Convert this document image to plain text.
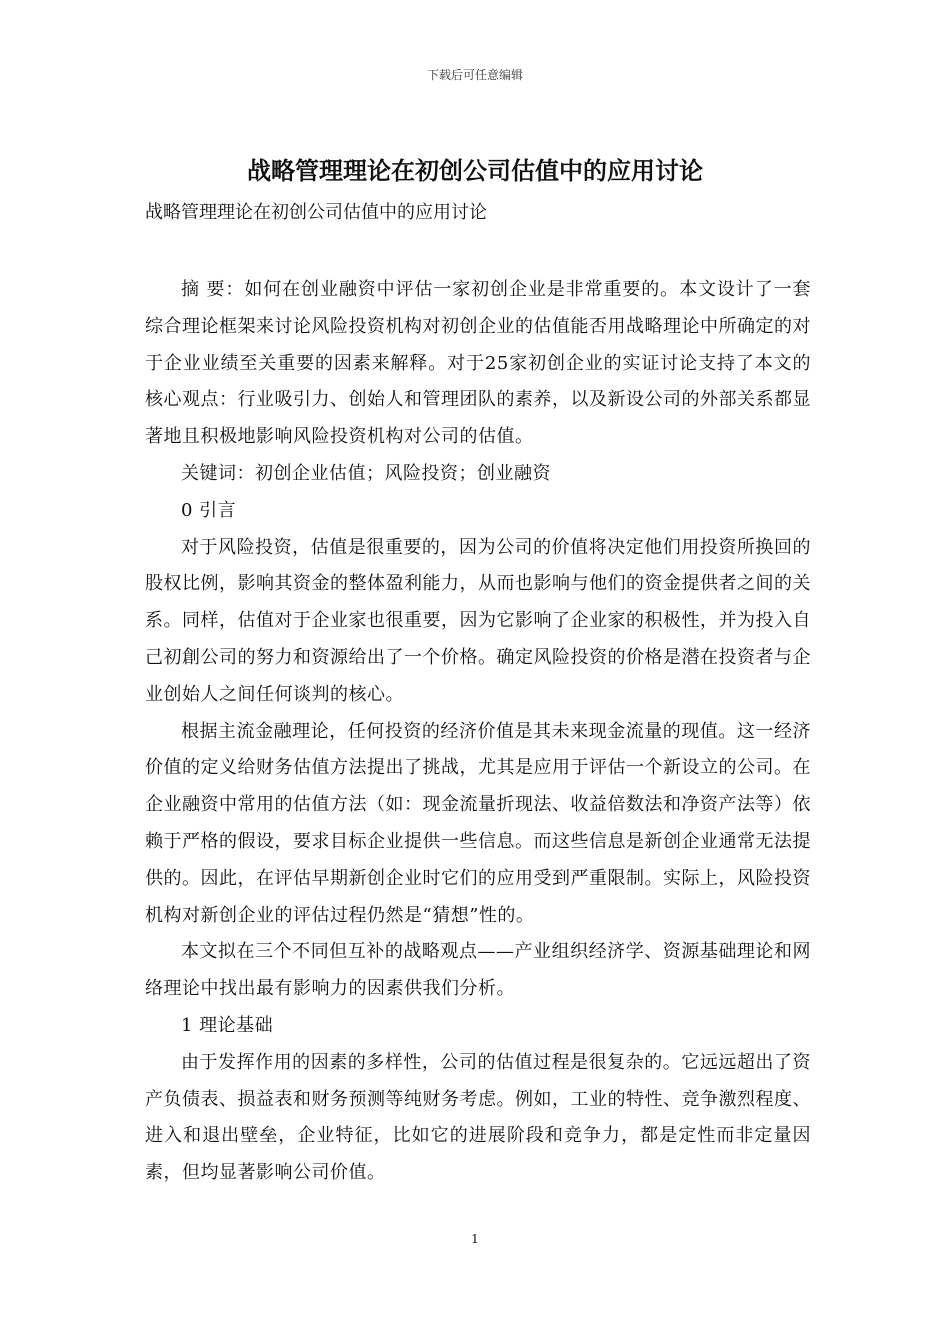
下载后可任意编辑
战略管理理论在初创公司估值中的应用讨论
战略管理理论在初创公司估值中的应用讨论

摘 要：如何在创业融资中评估一家初创企业是非常重要的。本文设计了一套综合理论框架来讨论风险投资机构对初创企业的估值能否用战略理论中所确定的对于企业业绩至关重要的因素来解释。对于25家初创企业的实证讨论支持了本文的核心观点：行业吸引力、创始人和管理团队的素养，以及新设公司的外部关系都显著地且积极地影响风险投资机构对公司的估值。

关键词：初创企业估值；风险投资；创业融资

0 引言

对于风险投资，估值是很重要的，因为公司的价值将决定他们用投资所换回的股权比例，影响其资金的整体盈利能力，从而也影响与他们的资金提供者之间的关系。同样，估值对于企业家也很重要，因为它影响了企业家的积极性，并为投入自己初創公司的努力和资源给出了一个价格。确定风险投资的价格是潜在投资者与企业创始人之间任何谈判的核心。

根据主流金融理论，任何投资的经济价值是其未来现金流量的现值。这一经济价值的定义给财务估值方法提出了挑战，尤其是应用于评估一个新设立的公司。在企业融资中常用的估值方法（如：现金流量折现法、收益倍数法和净资产法等）依赖于严格的假设，要求目标企业提供一些信息。而这些信息是新创企业通常无法提供的。因此，在评估早期新创企业时它们的应用受到严重限制。实际上，风险投资机构对新创企业的评估过程仍然是“猜想”性的。

本文拟在三个不同但互补的战略观点——产业组织经济学、资源基础理论和网络理论中找出最有影响力的因素供我们分析。

1 理论基础

由于发挥作用的因素的多样性，公司的估值过程是很复杂的。它远远超出了资产负债表、损益表和财务预测等纯财务考虑。例如，工业的特性、竞争激烈程度、进入和退出壁垒，企业特征，比如它的进展阶段和竞争力，都是定性而非定量因素，但均显著影响公司价值。

1
